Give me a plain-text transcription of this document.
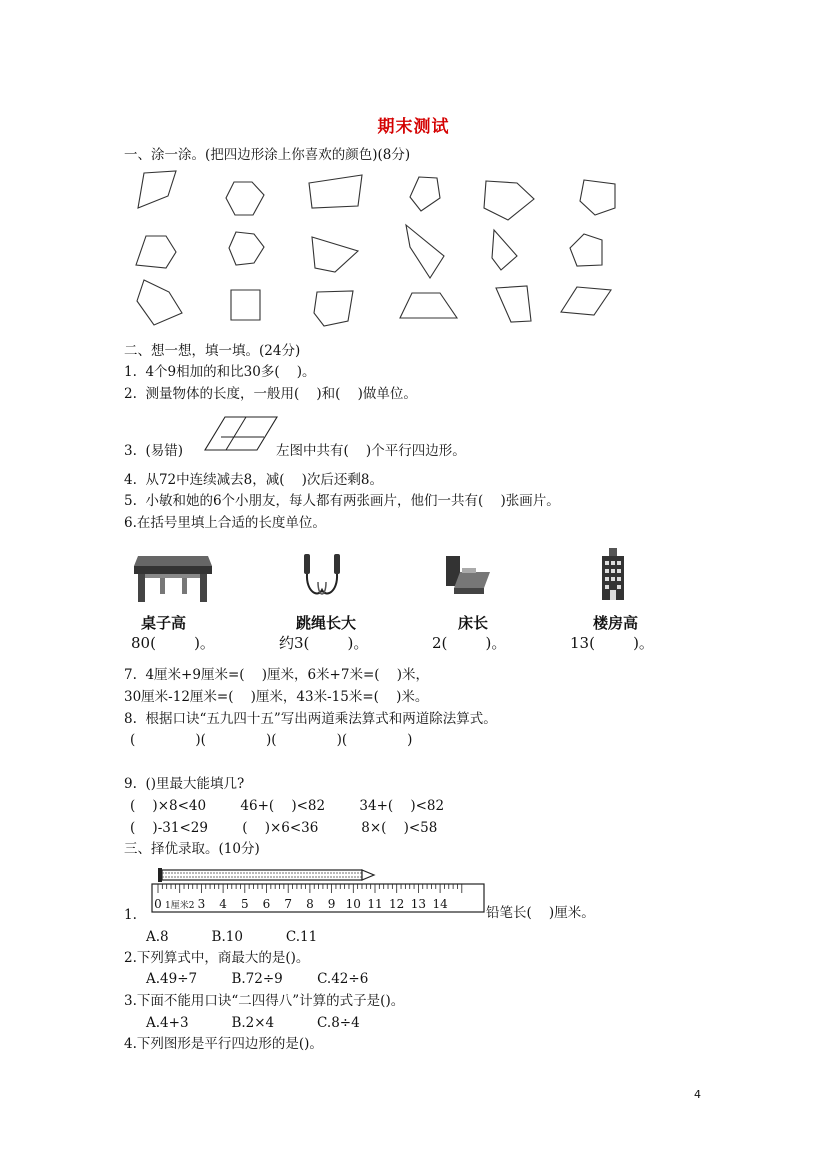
期末测试
一、涂一涂。(把四边形涂上你喜欢的颜色)(8分)
二、想一想，填一填。(24分)
1.  4个9相加的和比30多(    )。
2.  测量物体的长度，一般用(    )和(    )做单位。
3.  (易错)	左图中共有(    )个平行四边形。
4.  从72中连续减去8，减(    )次后还剩8。
5.  小敏和她的6个小朋友，每人都有两张画片，他们一共有(    )张画片。
6.在括号里填上合适的长度单位。
桌子高	跳绳长大	床长	楼房高
80(        )。	约3(        )。	2(        )。	13(        )。
7.  4厘米+9厘米=(    )厘米，6米+7米=(    )米，
30厘米-12厘米=(    )厘米，43米-15米=(    )米。
8.  根据口诀“五九四十五”写出两道乘法算式和两道除法算式。
(              )(              )(              )(              )
9.  ()里最大能填几?
(    )×8<40        46+(    )<82        34+(    )<82
(    )-31<29        (    )×6<36          8×(    )<58
三、择优录取。(10分)
1.
0 1厘米2 3 4 5 6 7 8 9 10 11 12 13 14
铅笔长(    )厘米。
A.8          B.10          C.11
2.下列算式中，商最大的是()。
A.49÷7        B.72÷9        C.42÷6
3.下面不能用口诀“二四得八”计算的式子是()。
A.4+3          B.2×4          C.8÷4
4.下列图形是平行四边形的是()。
4
